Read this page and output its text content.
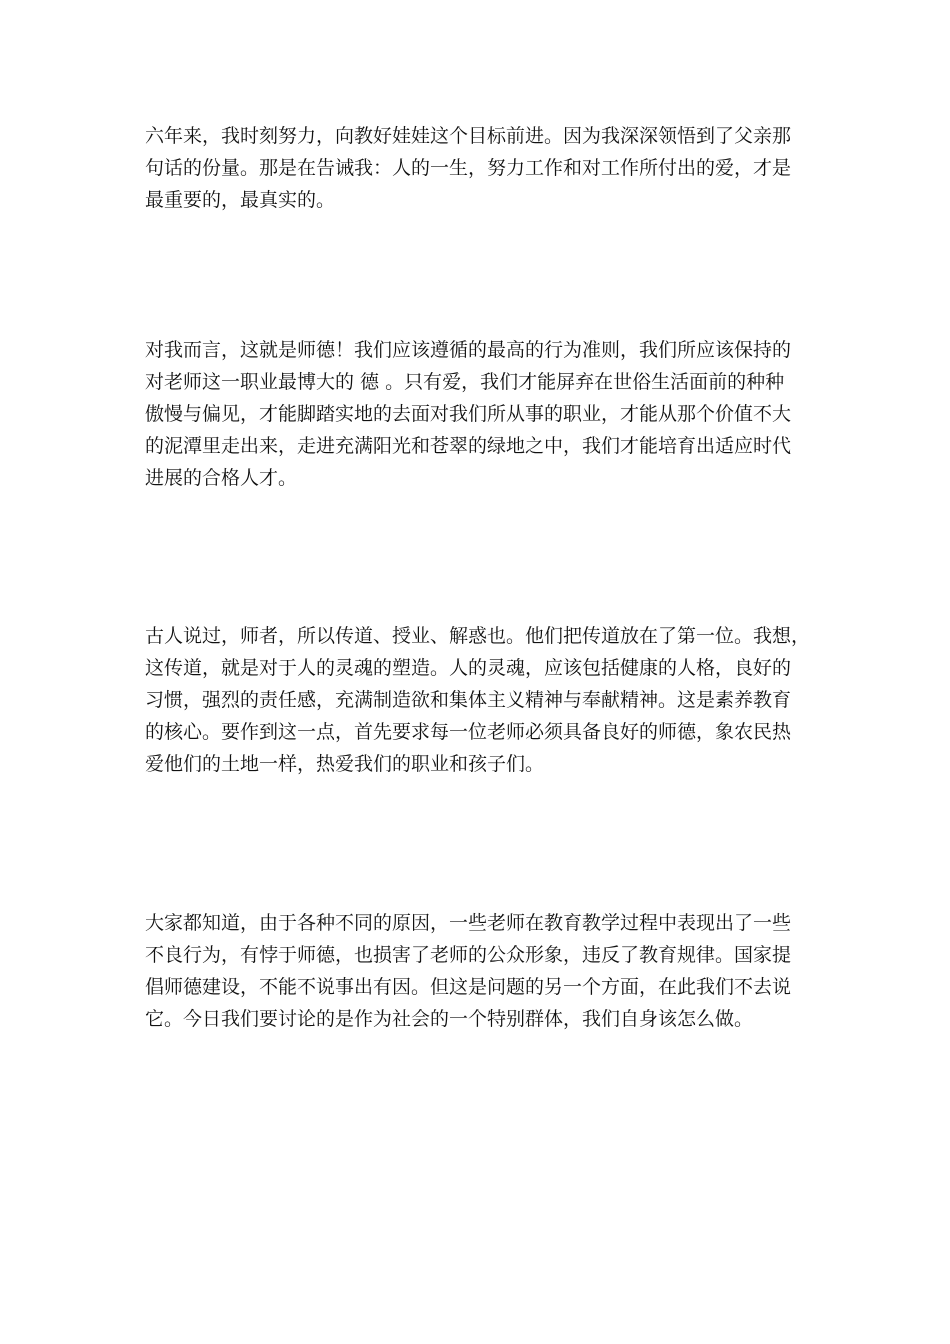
六年来，我时刻努力，向教好娃娃这个目标前进。因为我深深领悟到了父亲那
句话的份量。那是在告诫我：人的一生，努力工作和对工作所付出的爱，才是
最重要的，最真实的。

对我而言，这就是师德！我们应该遵循的最高的行为准则，我们所应该保持的
对老师这一职业最博大的 德 。只有爱，我们才能屏弃在世俗生活面前的种种
傲慢与偏见，才能脚踏实地的去面对我们所从事的职业，才能从那个价值不大
的泥潭里走出来，走进充满阳光和苍翠的绿地之中，我们才能培育出适应时代
进展的合格人才。

古人说过，师者，所以传道、授业、解惑也。他们把传道放在了第一位。我想，
这传道，就是对于人的灵魂的塑造。人的灵魂，应该包括健康的人格，良好的
习惯，强烈的责任感，充满制造欲和集体主义精神与奉献精神。这是素养教育
的核心。要作到这一点，首先要求每一位老师必须具备良好的师德，象农民热
爱他们的土地一样，热爱我们的职业和孩子们。

大家都知道，由于各种不同的原因，一些老师在教育教学过程中表现出了一些
不良行为，有悖于师德，也损害了老师的公众形象，违反了教育规律。国家提
倡师德建设，不能不说事出有因。但这是问题的另一个方面，在此我们不去说
它。今日我们要讨论的是作为社会的一个特别群体，我们自身该怎么做。
